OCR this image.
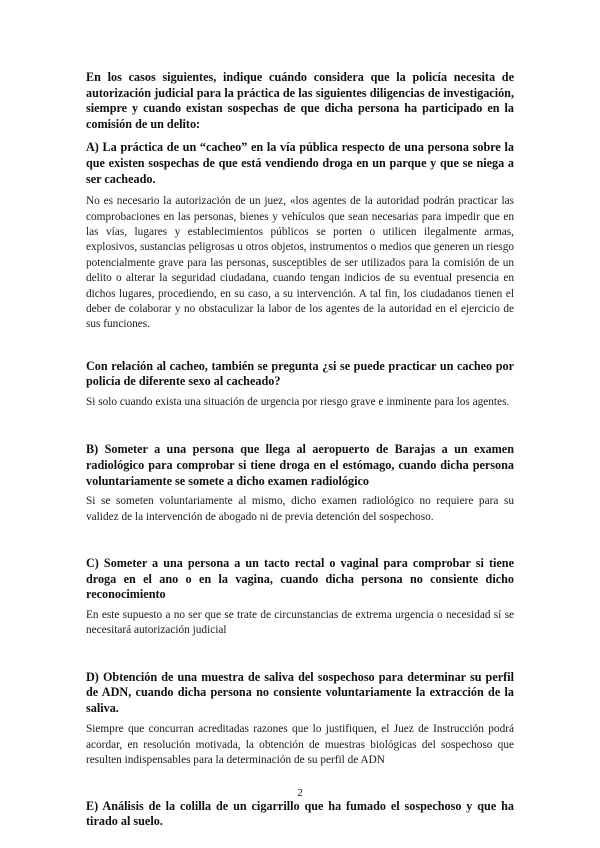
En los casos siguientes, indique cuándo considera que la policía necesita de autorización judicial para la práctica de las siguientes diligencias de investigación, siempre y cuando existan sospechas de que dicha persona ha participado en la comisión de un delito:

A) La práctica de un “cacheo” en la vía pública respecto de una persona sobre la que existen sospechas de que está vendiendo droga en un parque y que se niega a ser cacheado.

No es necesario la autorización de un juez, «los agentes de la autoridad podrán practicar las comprobaciones en las personas, bienes y vehículos que sean necesarias para impedir que en las vías, lugares y establecimientos públicos se porten o utilicen ilegalmente armas, explosivos, sustancias peligrosas u otros objetos, instrumentos o medios que generen un riesgo potencialmente grave para las personas, susceptibles de ser utilizados para la comisión de un delito o alterar la seguridad ciudadana, cuando tengan indicios de su eventual presencia en dichos lugares, procediendo, en su caso, a su intervención. A tal fin, los ciudadanos tienen el deber de colaborar y no obstaculizar la labor de los agentes de la autoridad en el ejercicio de sus funciones.

Con relación al cacheo, también se pregunta ¿si se puede practicar un cacheo por policía de diferente sexo al cacheado?

Si solo cuando exista una situación de urgencia por riesgo grave e inminente para los agentes.

B) Someter a una persona que llega al aeropuerto de Barajas a un examen radiológico para comprobar si tiene droga en el estómago, cuando dicha persona voluntariamente se somete a dicho examen radiológico

Si se someten voluntariamente al mismo, dicho examen radiológico no requiere para su validez de la intervención de abogado ni de previa detención del sospechoso.

C) Someter a una persona a un tacto rectal o vaginal para comprobar si tiene droga en el ano o en la vagina, cuando dicha persona no consiente dicho reconocimiento

En este supuesto a no ser que se trate de circunstancias de extrema urgencia o necesidad sí se necesitará autorización judicial

D) Obtención de una muestra de saliva del sospechoso para determinar su perfil de ADN, cuando dicha persona no consiente voluntariamente la extracción de la saliva.

Siempre que concurran acreditadas razones que lo justifiquen, el Juez de Instrucción podrá acordar, en resolución motivada, la obtención de muestras biológicas del sospechoso que resulten indispensables para la determinación de su perfil de ADN

E) Análisis de la colilla de un cigarrillo que ha fumado el sospechoso y que ha tirado al suelo.

2
